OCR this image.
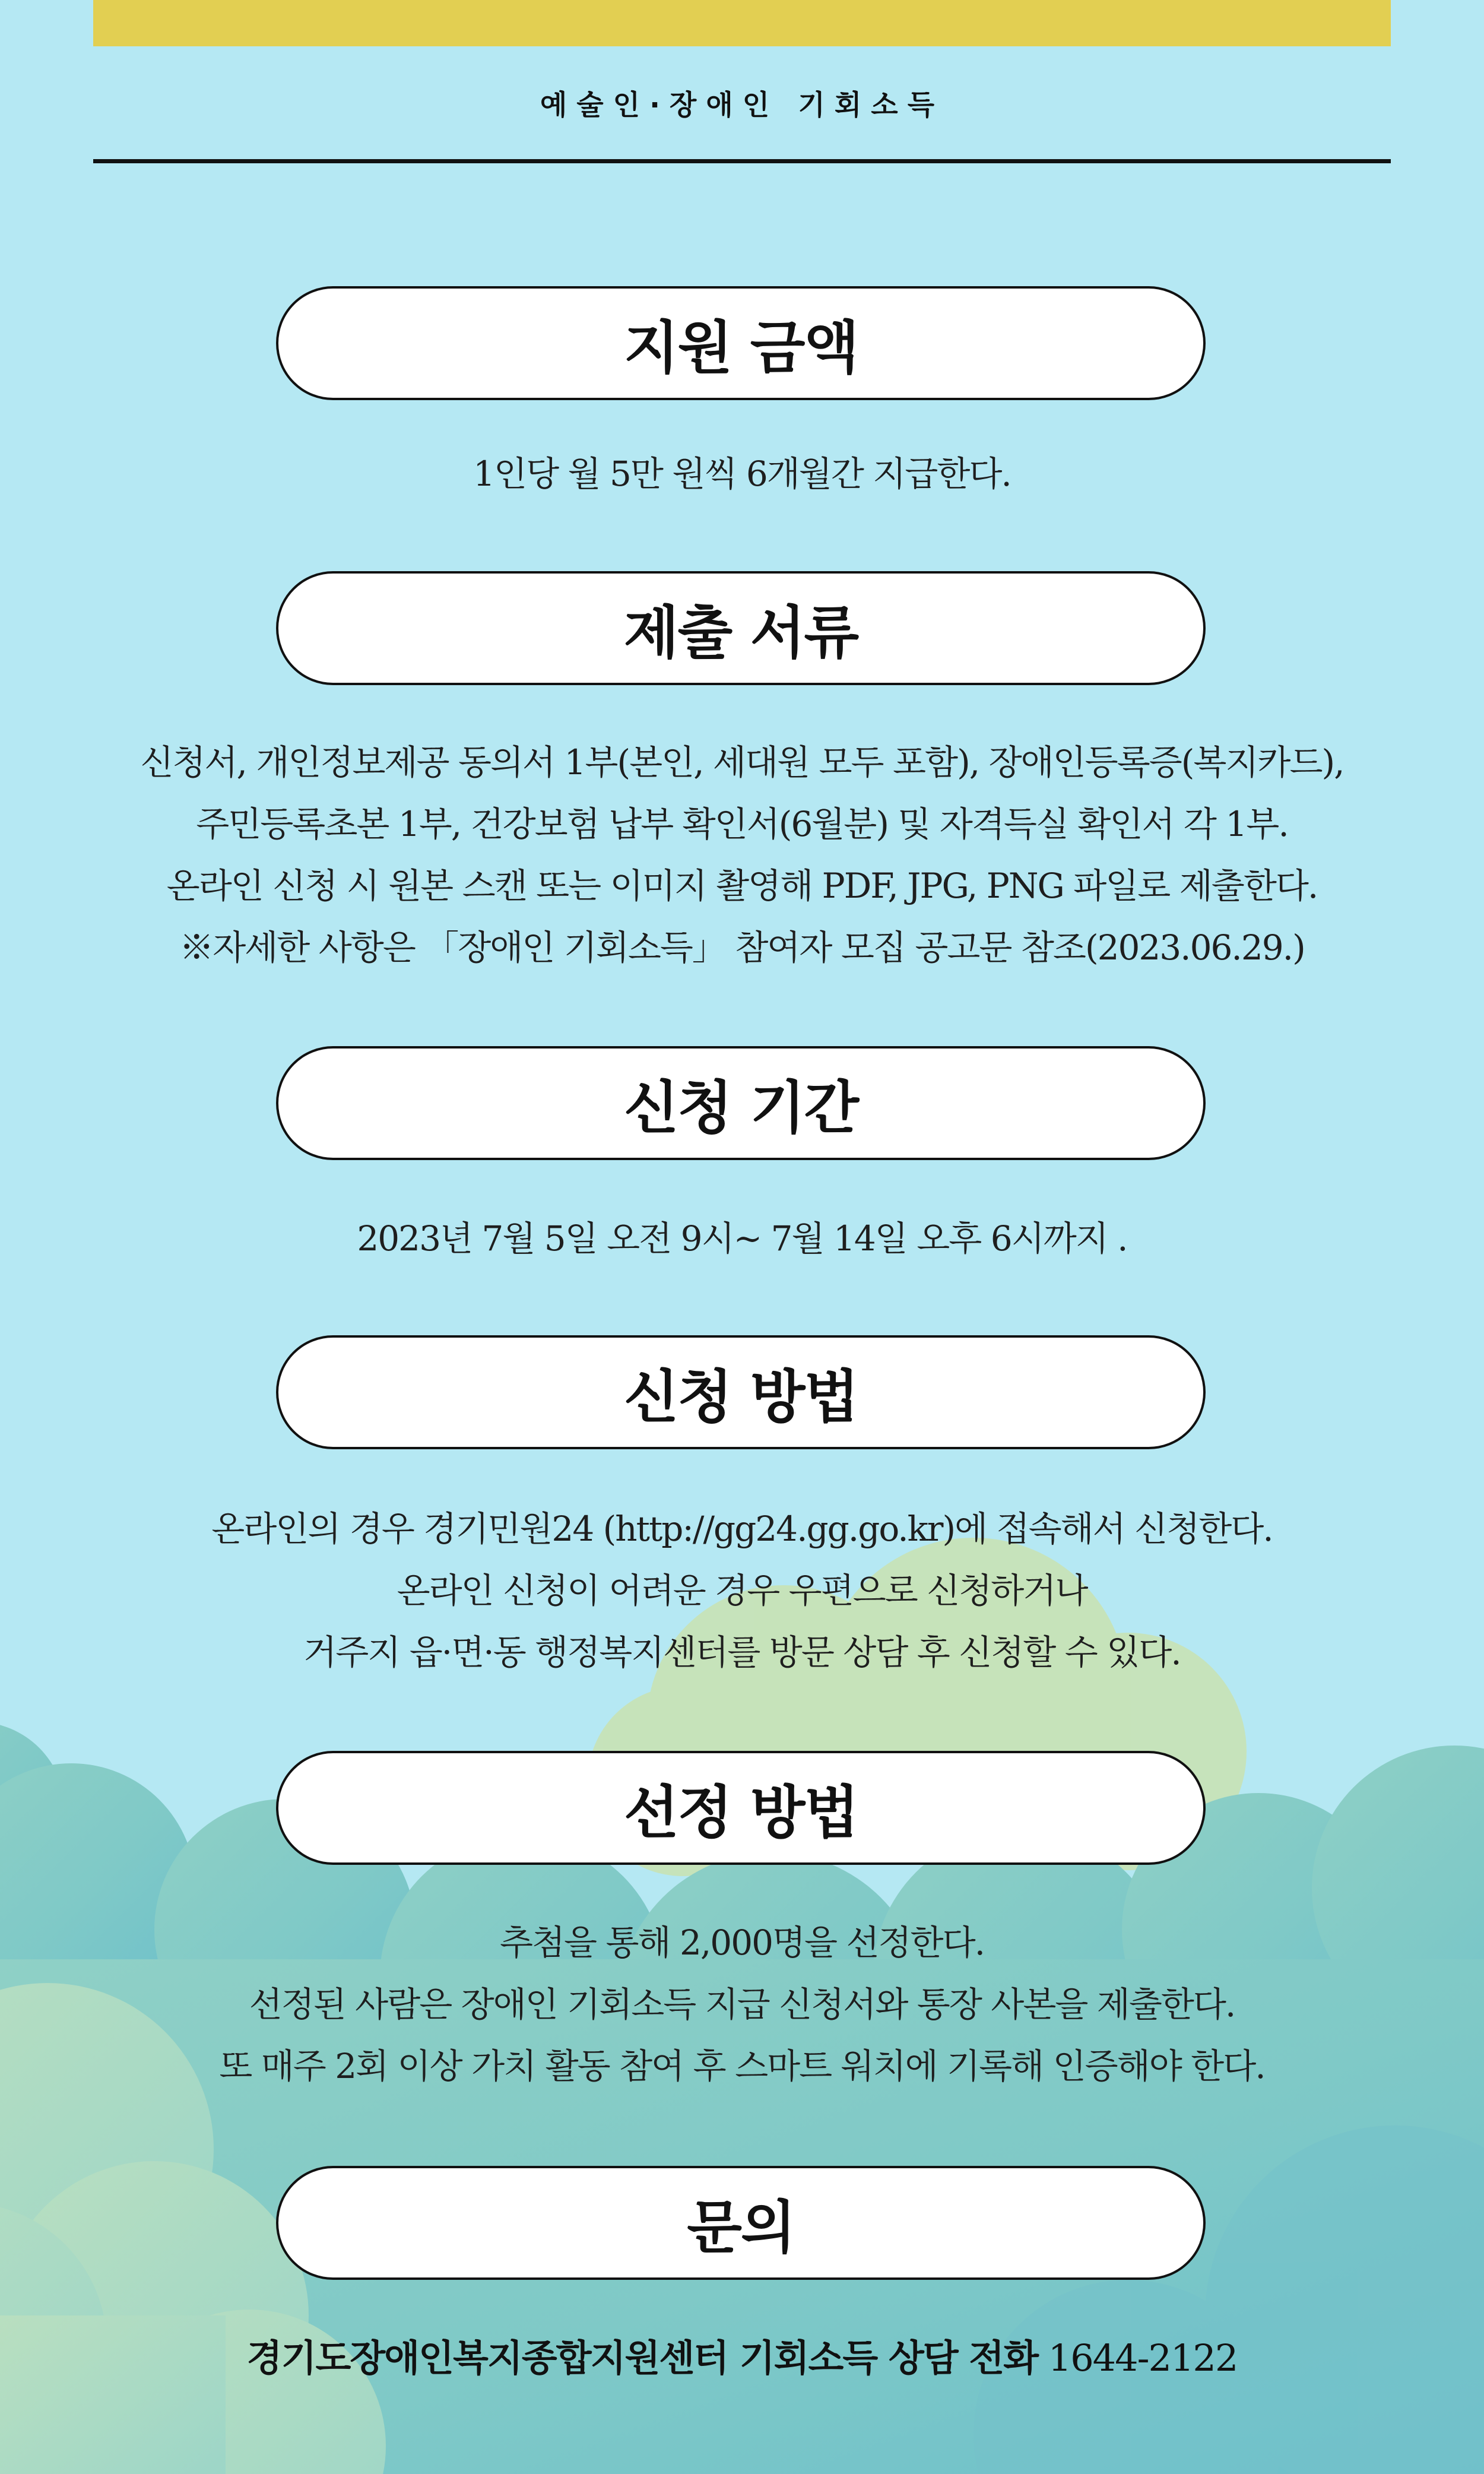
예술인·장애인 기회소득
지원 금액
1인당 월 5만 원씩 6개월간 지급한다.
제출 서류
신청서, 개인정보제공 동의서 1부(본인, 세대원 모두 포함), 장애인등록증(복지카드),
주민등록초본 1부, 건강보험 납부 확인서(6월분) 및 자격득실 확인서 각 1부.
온라인 신청 시 원본 스캔 또는 이미지 촬영해 PDF, JPG, PNG 파일로 제출한다.
※자세한 사항은 「장애인 기회소득」 참여자 모집 공고문 참조(2023.06.29.)
신청 기간
2023년 7월 5일 오전 9시~ 7월 14일 오후 6시까지 .
신청 방법
온라인의 경우 경기민원24 (http://gg24.gg.go.kr)에 접속해서 신청한다.
온라인 신청이 어려운 경우 우편으로 신청하거나
거주지 읍·면·동 행정복지센터를 방문 상담 후 신청할 수 있다.
선정 방법
추첨을 통해 2,000명을 선정한다.
선정된 사람은 장애인 기회소득 지급 신청서와 통장 사본을 제출한다.
또 매주 2회 이상 가치 활동 참여 후 스마트 워치에 기록해 인증해야 한다.
문의
경기도장애인복지종합지원센터 기회소득 상담 전화 1644-2122
